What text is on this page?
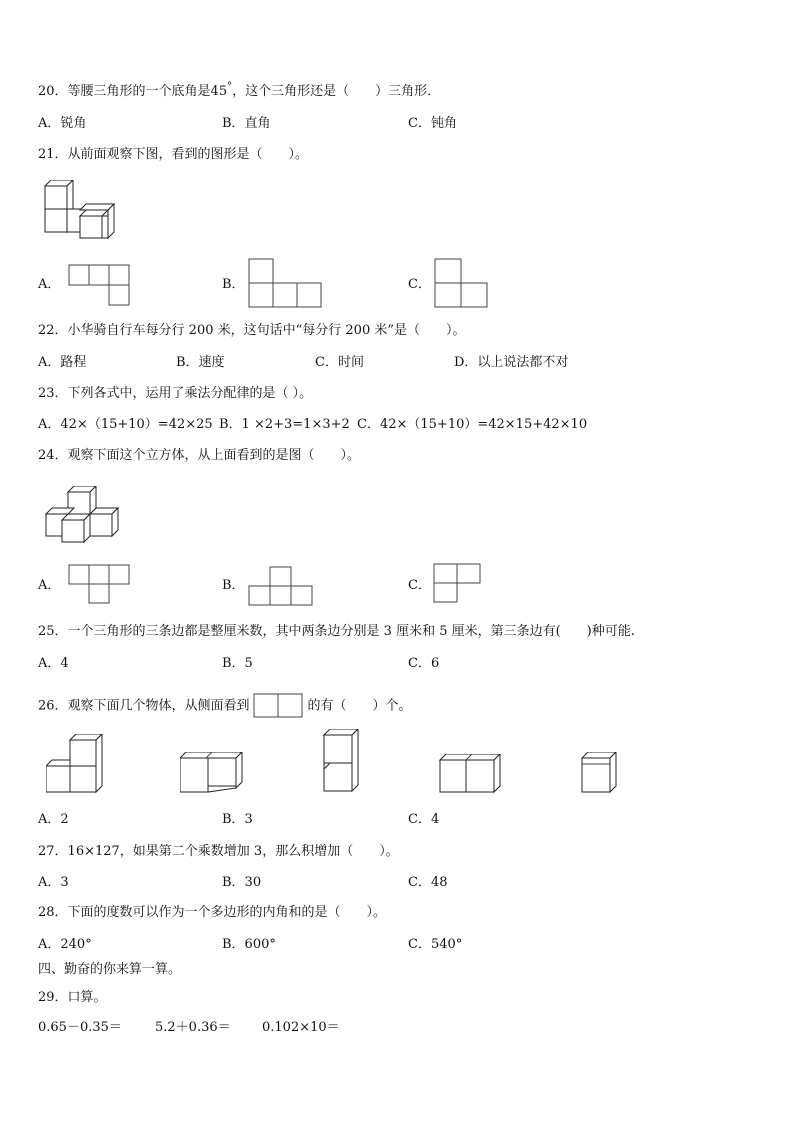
20．等腰三角形的一个底角是45°，这个三角形还是（　　）三角形．
A．锐角	B．直角	C．钝角
21．从前面观察下图，看到的图形是（　　）。
A．	B．	C．
22．小华骑自行车每分行 200 米，这句话中“每分行 200 米”是（　　）。
A．路程	B．速度	C．时间	D．以上说法都不对
23．下列各式中，运用了乘法分配律的是（ ）。
A．42×（15+10）=42×25 B．1 ×2+3=1×3+2 C．42×（15+10）=42×15+42×10
24．观察下面这个立方体，从上面看到的是图（　　）。
A．	B．	C．
25．一个三角形的三条边都是整厘米数，其中两条边分别是 3 厘米和 5 厘米，第三条边有(　　)种可能.
A．4	B．5	C．6
26．观察下面几个物体，从侧面看到	的有（　　）个。
A．2	B．3	C．4
27．16×127，如果第二个乘数增加 3，那么积增加（　　）。
A．3	B．30	C．48
28．下面的度数可以作为一个多边形的内角和的是（　　）。
A．240°	B．600°	C．540°
四、勤奋的你来算一算。
29．口算。
0.65－0.35＝	5.2＋0.36＝ 0.102×10＝
